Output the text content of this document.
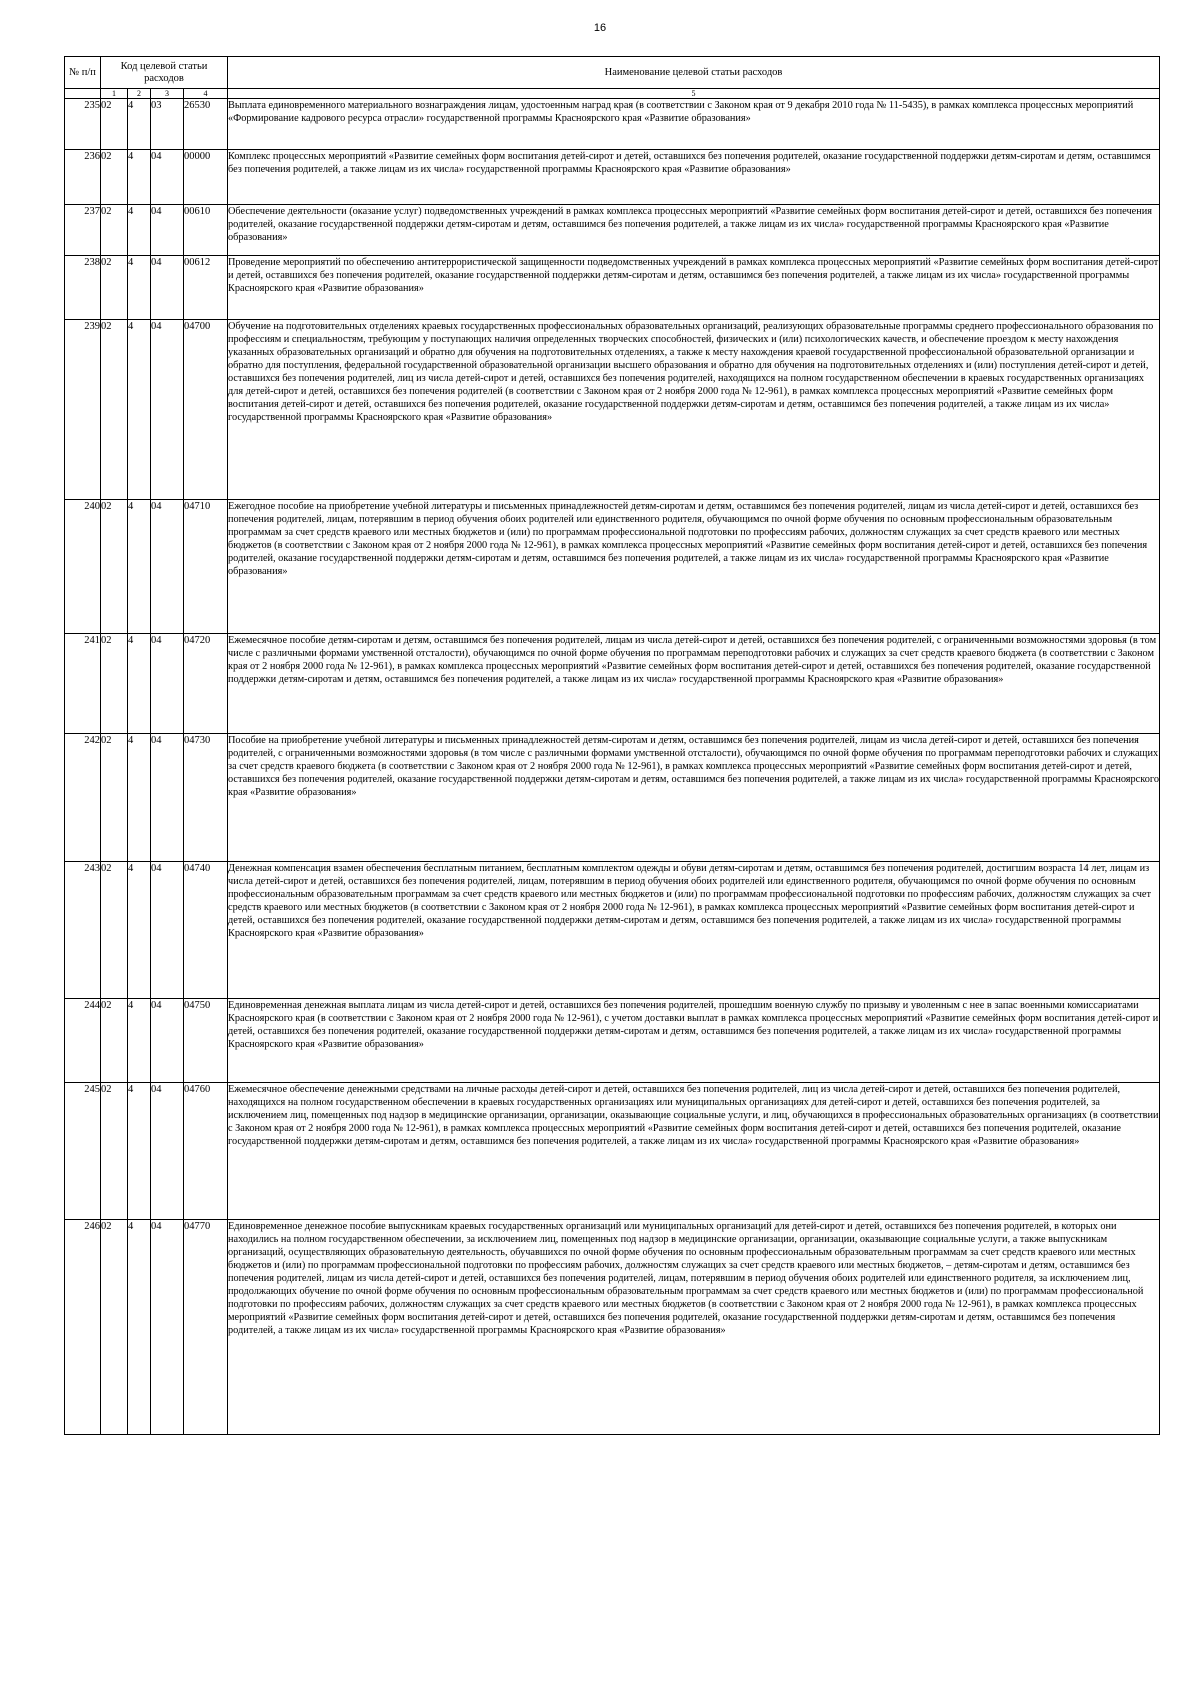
16
№ п/п	Код целевой статьи расходов				Наименование целевой статьи расходов

	1	2	3	4	5
235	02	4	03	26530	Выплата единовременного материального вознаграждения лицам, удостоенным наград края (в соответствии с Законом края от 9 декабря 2010 года № 11-5435), в рамках комплекса процессных мероприятий «Формирование кадрового ресурса отрасли» государственной программы Красноярского края «Развитие образования»
236	02	4	04	00000	Комплекс процессных мероприятий «Развитие семейных форм воспитания детей-сирот и детей, оставшихся без попечения родителей, оказание государственной поддержки детям-сиротам и детям, оставшимся без попечения родителей, а также лицам из их числа» государственной программы Красноярского края «Развитие образования»
237	02	4	04	00610	Обеспечение деятельности (оказание услуг) подведомственных учреждений в рамках комплекса процессных мероприятий «Развитие семейных форм воспитания детей-сирот и детей, оставшихся без попечения родителей, оказание государственной поддержки детям-сиротам и детям, оставшимся без попечения родителей, а также лицам из их числа» государственной программы Красноярского края «Развитие образования»
238	02	4	04	00612	Проведение мероприятий по обеспечению антитеррористической защищенности подведомственных учреждений в рамках комплекса процессных мероприятий «Развитие семейных форм воспитания детей-сирот и детей, оставшихся без попечения родителей, оказание государственной поддержки детям-сиротам и детям, оставшимся без попечения родителей, а также лицам из их числа» государственной программы Красноярского края «Развитие образования»
239	02	4	04	04700	Обучение на подготовительных отделениях краевых государственных профессиональных образовательных организаций, реализующих образовательные программы среднего профессионального образования по профессиям и специальностям, требующим у поступающих наличия определенных творческих способностей, физических и (или) психологических качеств, и обеспечение проездом к месту нахождения указанных образовательных организаций и обратно для обучения на подготовительных отделениях, а также к месту нахождения краевой государственной профессиональной образовательной организации и обратно для поступления, федеральной государственной образовательной организации высшего образования и обратно для обучения на подготовительных отделениях и (или) поступления детей-сирот и детей, оставшихся без попечения родителей, лиц из числа детей-сирот и детей, оставшихся без попечения родителей, находящихся на полном государственном обеспечении в краевых государственных организациях для детей-сирот и детей, оставшихся без попечения родителей (в соответствии с Законом края от 2 ноября 2000 года № 12-961), в рамках комплекса процессных мероприятий «Развитие семейных форм воспитания детей-сирот и детей, оставшихся без попечения родителей, оказание государственной поддержки детям-сиротам и детям, оставшимся без попечения родителей, а также лицам из их числа» государственной программы Красноярского края «Развитие образования»
240	02	4	04	04710	Ежегодное пособие на приобретение учебной литературы и письменных принадлежностей детям-сиротам и детям, оставшимся без попечения родителей, лицам из числа детей-сирот и детей, оставшихся без попечения родителей, лицам, потерявшим в период обучения обоих родителей или единственного родителя, обучающимся по очной форме обучения по основным профессиональным образовательным программам за счет средств краевого или местных бюджетов и (или) по программам профессиональной подготовки по профессиям рабочих, должностям служащих за счет средств краевого или местных бюджетов (в соответствии с Законом края от 2 ноября 2000 года № 12-961), в рамках комплекса процессных мероприятий «Развитие семейных форм воспитания детей-сирот и детей, оставшихся без попечения родителей, оказание государственной поддержки детям-сиротам и детям, оставшимся без попечения родителей, а также лицам из их числа» государственной программы Красноярского края «Развитие образования»
241	02	4	04	04720	Ежемесячное пособие детям-сиротам и детям, оставшимся без попечения родителей, лицам из числа детей-сирот и детей, оставшихся без попечения родителей, с ограниченными возможностями здоровья (в том числе с различными формами умственной отсталости), обучающимся по очной форме обучения по программам переподготовки рабочих и служащих за счет средств краевого бюджета (в соответствии с Законом края от 2 ноября 2000 года № 12-961), в рамках комплекса процессных мероприятий «Развитие семейных форм воспитания детей-сирот и детей, оставшихся без попечения родителей, оказание государственной поддержки детям-сиротам и детям, оставшимся без попечения родителей, а также лицам из их числа» государственной программы Красноярского края «Развитие образования»
242	02	4	04	04730	Пособие на приобретение учебной литературы и письменных принадлежностей детям-сиротам и детям, оставшимся без попечения родителей, лицам из числа детей-сирот и детей, оставшихся без попечения родителей, с ограниченными возможностями здоровья (в том числе с различными формами умственной отсталости), обучающимся по очной форме обучения по программам переподготовки рабочих и служащих за счет средств краевого бюджета (в соответствии с Законом края от 2 ноября 2000 года № 12-961), в рамках комплекса процессных мероприятий «Развитие семейных форм воспитания детей-сирот и детей, оставшихся без попечения родителей, оказание государственной поддержки детям-сиротам и детям, оставшимся без попечения родителей, а также лицам из их числа» государственной программы Красноярского края «Развитие образования»
243	02	4	04	04740	Денежная компенсация взамен обеспечения бесплатным питанием, бесплатным комплектом одежды и обуви детям-сиротам и детям, оставшимся без попечения родителей, достигшим возраста 14 лет, лицам из числа детей-сирот и детей, оставшихся без попечения родителей, лицам, потерявшим в период обучения обоих родителей или единственного родителя, обучающимся по очной форме обучения по основным профессиональным образовательным программам за счет средств краевого или местных бюджетов и (или) по программам профессиональной подготовки по профессиям рабочих, должностям служащих за счет средств краевого или местных бюджетов (в соответствии с Законом края от 2 ноября 2000 года № 12-961), в рамках комплекса процессных мероприятий «Развитие семейных форм воспитания детей-сирот и детей, оставшихся без попечения родителей, оказание государственной поддержки детям-сиротам и детям, оставшимся без попечения родителей, а также лицам из их числа» государственной программы Красноярского края «Развитие образования»
244	02	4	04	04750	Единовременная денежная выплата лицам из числа детей-сирот и детей, оставшихся без попечения родителей, прошедшим военную службу по призыву и уволенным с нее в запас военными комиссариатами Красноярского края (в соответствии с Законом края от 2 ноября 2000 года № 12-961), с учетом доставки выплат в рамках комплекса процессных мероприятий «Развитие семейных форм воспитания детей-сирот и детей, оставшихся без попечения родителей, оказание государственной поддержки детям-сиротам и детям, оставшимся без попечения родителей, а также лицам из их числа» государственной программы Красноярского края «Развитие образования»
245	02	4	04	04760	Ежемесячное обеспечение денежными средствами на личные расходы детей-сирот и детей, оставшихся без попечения родителей, лиц из числа детей-сирот и детей, оставшихся без попечения родителей, находящихся на полном государственном обеспечении в краевых государственных организациях или муниципальных организациях для детей-сирот и детей, оставшихся без попечения родителей, за исключением лиц, помещенных под надзор в медицинские организации, организации, оказывающие социальные услуги, и лиц, обучающихся в профессиональных образовательных организациях (в соответствии с Законом края от 2 ноября 2000 года № 12-961), в рамках комплекса процессных мероприятий «Развитие семейных форм воспитания детей-сирот и детей, оставшихся без попечения родителей, оказание государственной поддержки детям-сиротам и детям, оставшимся без попечения родителей, а также лицам из их числа» государственной программы Красноярского края «Развитие образования»
246	02	4	04	04770	Единовременное денежное пособие выпускникам краевых государственных организаций или муниципальных организаций для детей-сирот и детей, оставшихся без попечения родителей, в которых они находились на полном государственном обеспечении, за исключением лиц, помещенных под надзор в медицинские организации, организации, оказывающие социальные услуги, а также выпускникам организаций, осуществляющих образовательную деятельность, обучавшихся по очной форме обучения по основным профессиональным образовательным программам за счет средств краевого или местных бюджетов и (или) по программам профессиональной подготовки по профессиям рабочих, должностям служащих за счет средств краевого или местных бюджетов, – детям-сиротам и детям, оставшимся без попечения родителей, лицам из числа детей-сирот и детей, оставшихся без попечения родителей, лицам, потерявшим в период обучения обоих родителей или единственного родителя, за исключением лиц, продолжающих обучение по очной форме обучения по основным профессиональным образовательным программам за счет средств краевого или местных бюджетов и (или) по программам профессиональной подготовки по профессиям рабочих, должностям служащих за счет средств краевого или местных бюджетов (в соответствии с Законом края от 2 ноября 2000 года № 12-961), в рамках комплекса процессных мероприятий «Развитие семейных форм воспитания детей-сирот и детей, оставшихся без попечения родителей, оказание государственной поддержки детям-сиротам и детям, оставшимся без попечения родителей, а также лицам из их числа» государственной программы Красноярского края «Развитие образования»
